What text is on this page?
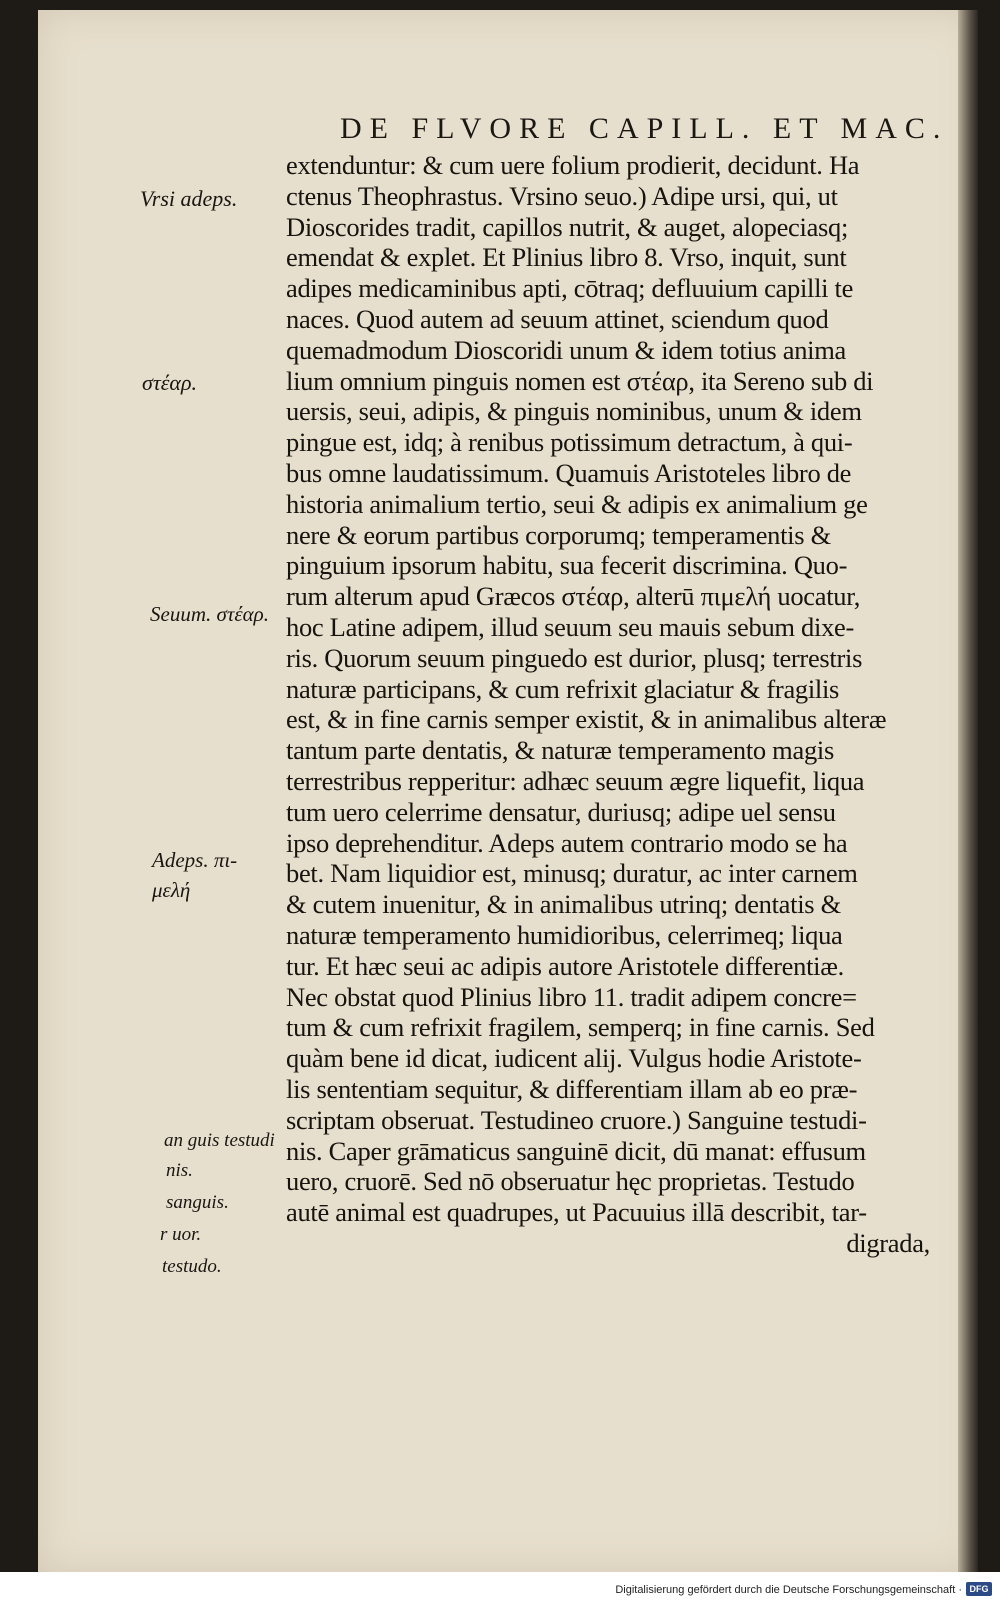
DE FLVORE CAPILL. ET MAC.
extenduntur: & cum uere folium prodierit, decidunt. Ha
ctenus Theophrastus. Vrsino seuo.) Adipe ursi, qui, ut
Dioscorides tradit, capillos nutrit, & auget, alopeciasq;
emendat & explet. Et Plinius libro 8. Vrso, inquit, sunt
adipes medicaminibus apti, cōtraq; defluuium capilli te
naces. Quod autem ad seuum attinet, sciendum quod
quemadmodum Dioscoridi unum & idem totius anima
lium omnium pinguis nomen est στέαρ, ita Sereno sub di
uersis, seui, adipis, & pinguis nominibus, unum & idem
pingue est, idq; à renibus potissimum detractum, à qui-
bus omne laudatissimum. Quamuis Aristoteles libro de
historia animalium tertio, seui & adipis ex animalium ge
nere & eorum partibus corporumq; temperamentis &
pinguium ipsorum habitu, sua fecerit discrimina. Quo-
rum alterum apud Græcos στέαρ, alterū πιμελή uocatur,
hoc Latine adipem, illud seuum seu mauis sebum dixe-
ris. Quorum seuum pinguedo est durior, plusq; terrestris
naturæ participans, & cum refrixit glaciatur & fragilis
est, & in fine carnis semper existit, & in animalibus alteræ
tantum parte dentatis, & naturæ temperamento magis
terrestribus repperitur: adhæc seuum ægre liquefit, liqua
tum uero celerrime densatur, duriusq; adipe uel sensu
ipso deprehenditur. Adeps autem contrario modo se ha
bet. Nam liquidior est, minusq; duratur, ac inter carnem
& cutem inuenitur, & in animalibus utrinq; dentatis &
naturæ temperamento humidioribus, celerrimeq; liqua
tur. Et hæc seui ac adipis autore Aristotele differentiæ.
Nec obstat quod Plinius libro 11. tradit adipem concre=
tum & cum refrixit fragilem, semperq; in fine carnis. Sed
quàm bene id dicat, iudicent alij. Vulgus hodie Aristote-
lis sententiam sequitur, & differentiam illam ab eo præ-
scriptam obseruat. Testudineo cruore.) Sanguine testudi-
nis. Caper grāmaticus sanguinē dicit, dū manat: effusum
uero, cruorē. Sed nō obseruatur hęc proprietas. Testudo
autē animal est quadrupes, ut Pacuuius illā describit, tar-
digrada,
Vrsi adeps.
στέαρ.
Seuum. στέαρ.
Adeps. πι-
μελή
an guis testudi
nis.
sanguis.
r uor.
testudo.
Digitalisierung gefördert durch die Deutsche Forschungsgemeinschaft · DFG
